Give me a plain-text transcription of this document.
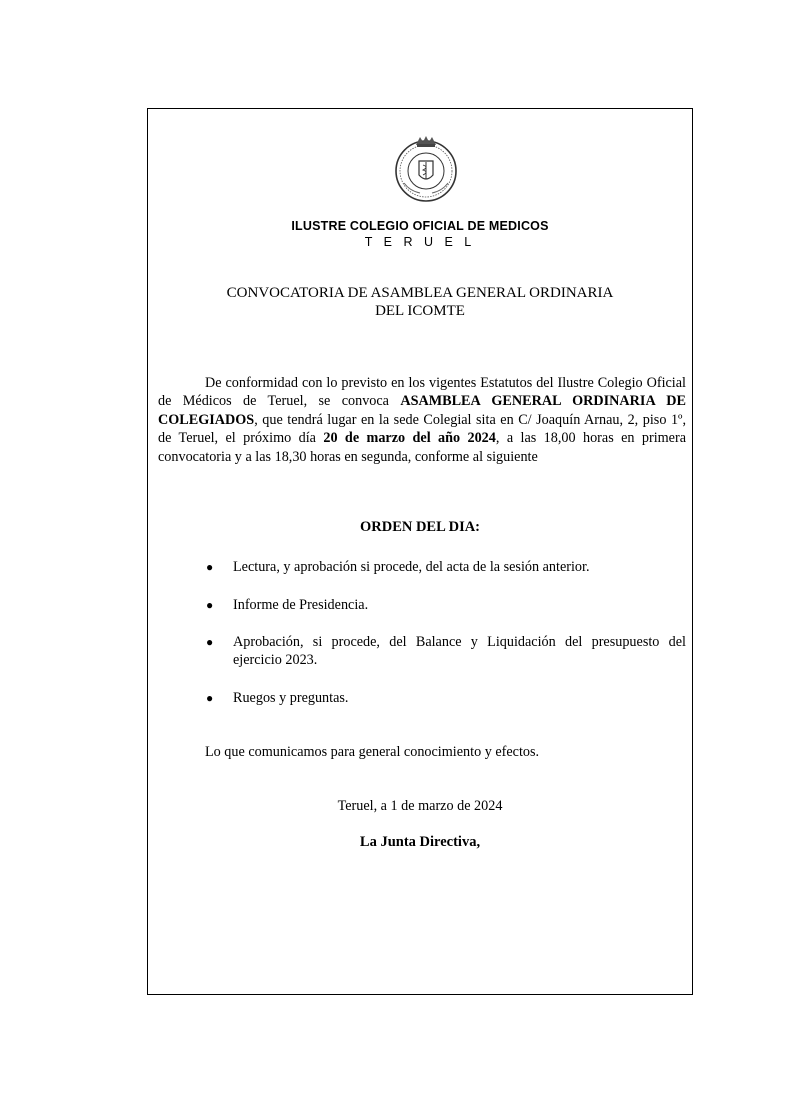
ILUSTRE COLEGIO OFICIAL DE MEDICOS
T E R U E L
CONVOCATORIA DE ASAMBLEA GENERAL ORDINARIA
DEL ICOMTE
De conformidad con lo previsto en los vigentes Estatutos del Ilustre Colegio Oficial de Médicos de Teruel, se convoca ASAMBLEA GENERAL ORDINARIA DE COLEGIADOS, que tendrá lugar en la sede Colegial sita en C/ Joaquín Arnau, 2, piso 1º, de Teruel, el próximo día 20 de marzo del año 2024, a las 18,00 horas en primera convocatoria y a las 18,30 horas en segunda, conforme al siguiente
ORDEN DEL DIA:
● Lectura, y aprobación si procede, del acta de la sesión anterior.
● Informe de Presidencia.
● Aprobación, si procede, del Balance y Liquidación del presupuesto del ejercicio 2023.
● Ruegos y preguntas.
Lo que comunicamos para general conocimiento y efectos.
Teruel, a 1 de marzo de 2024
La Junta Directiva,
